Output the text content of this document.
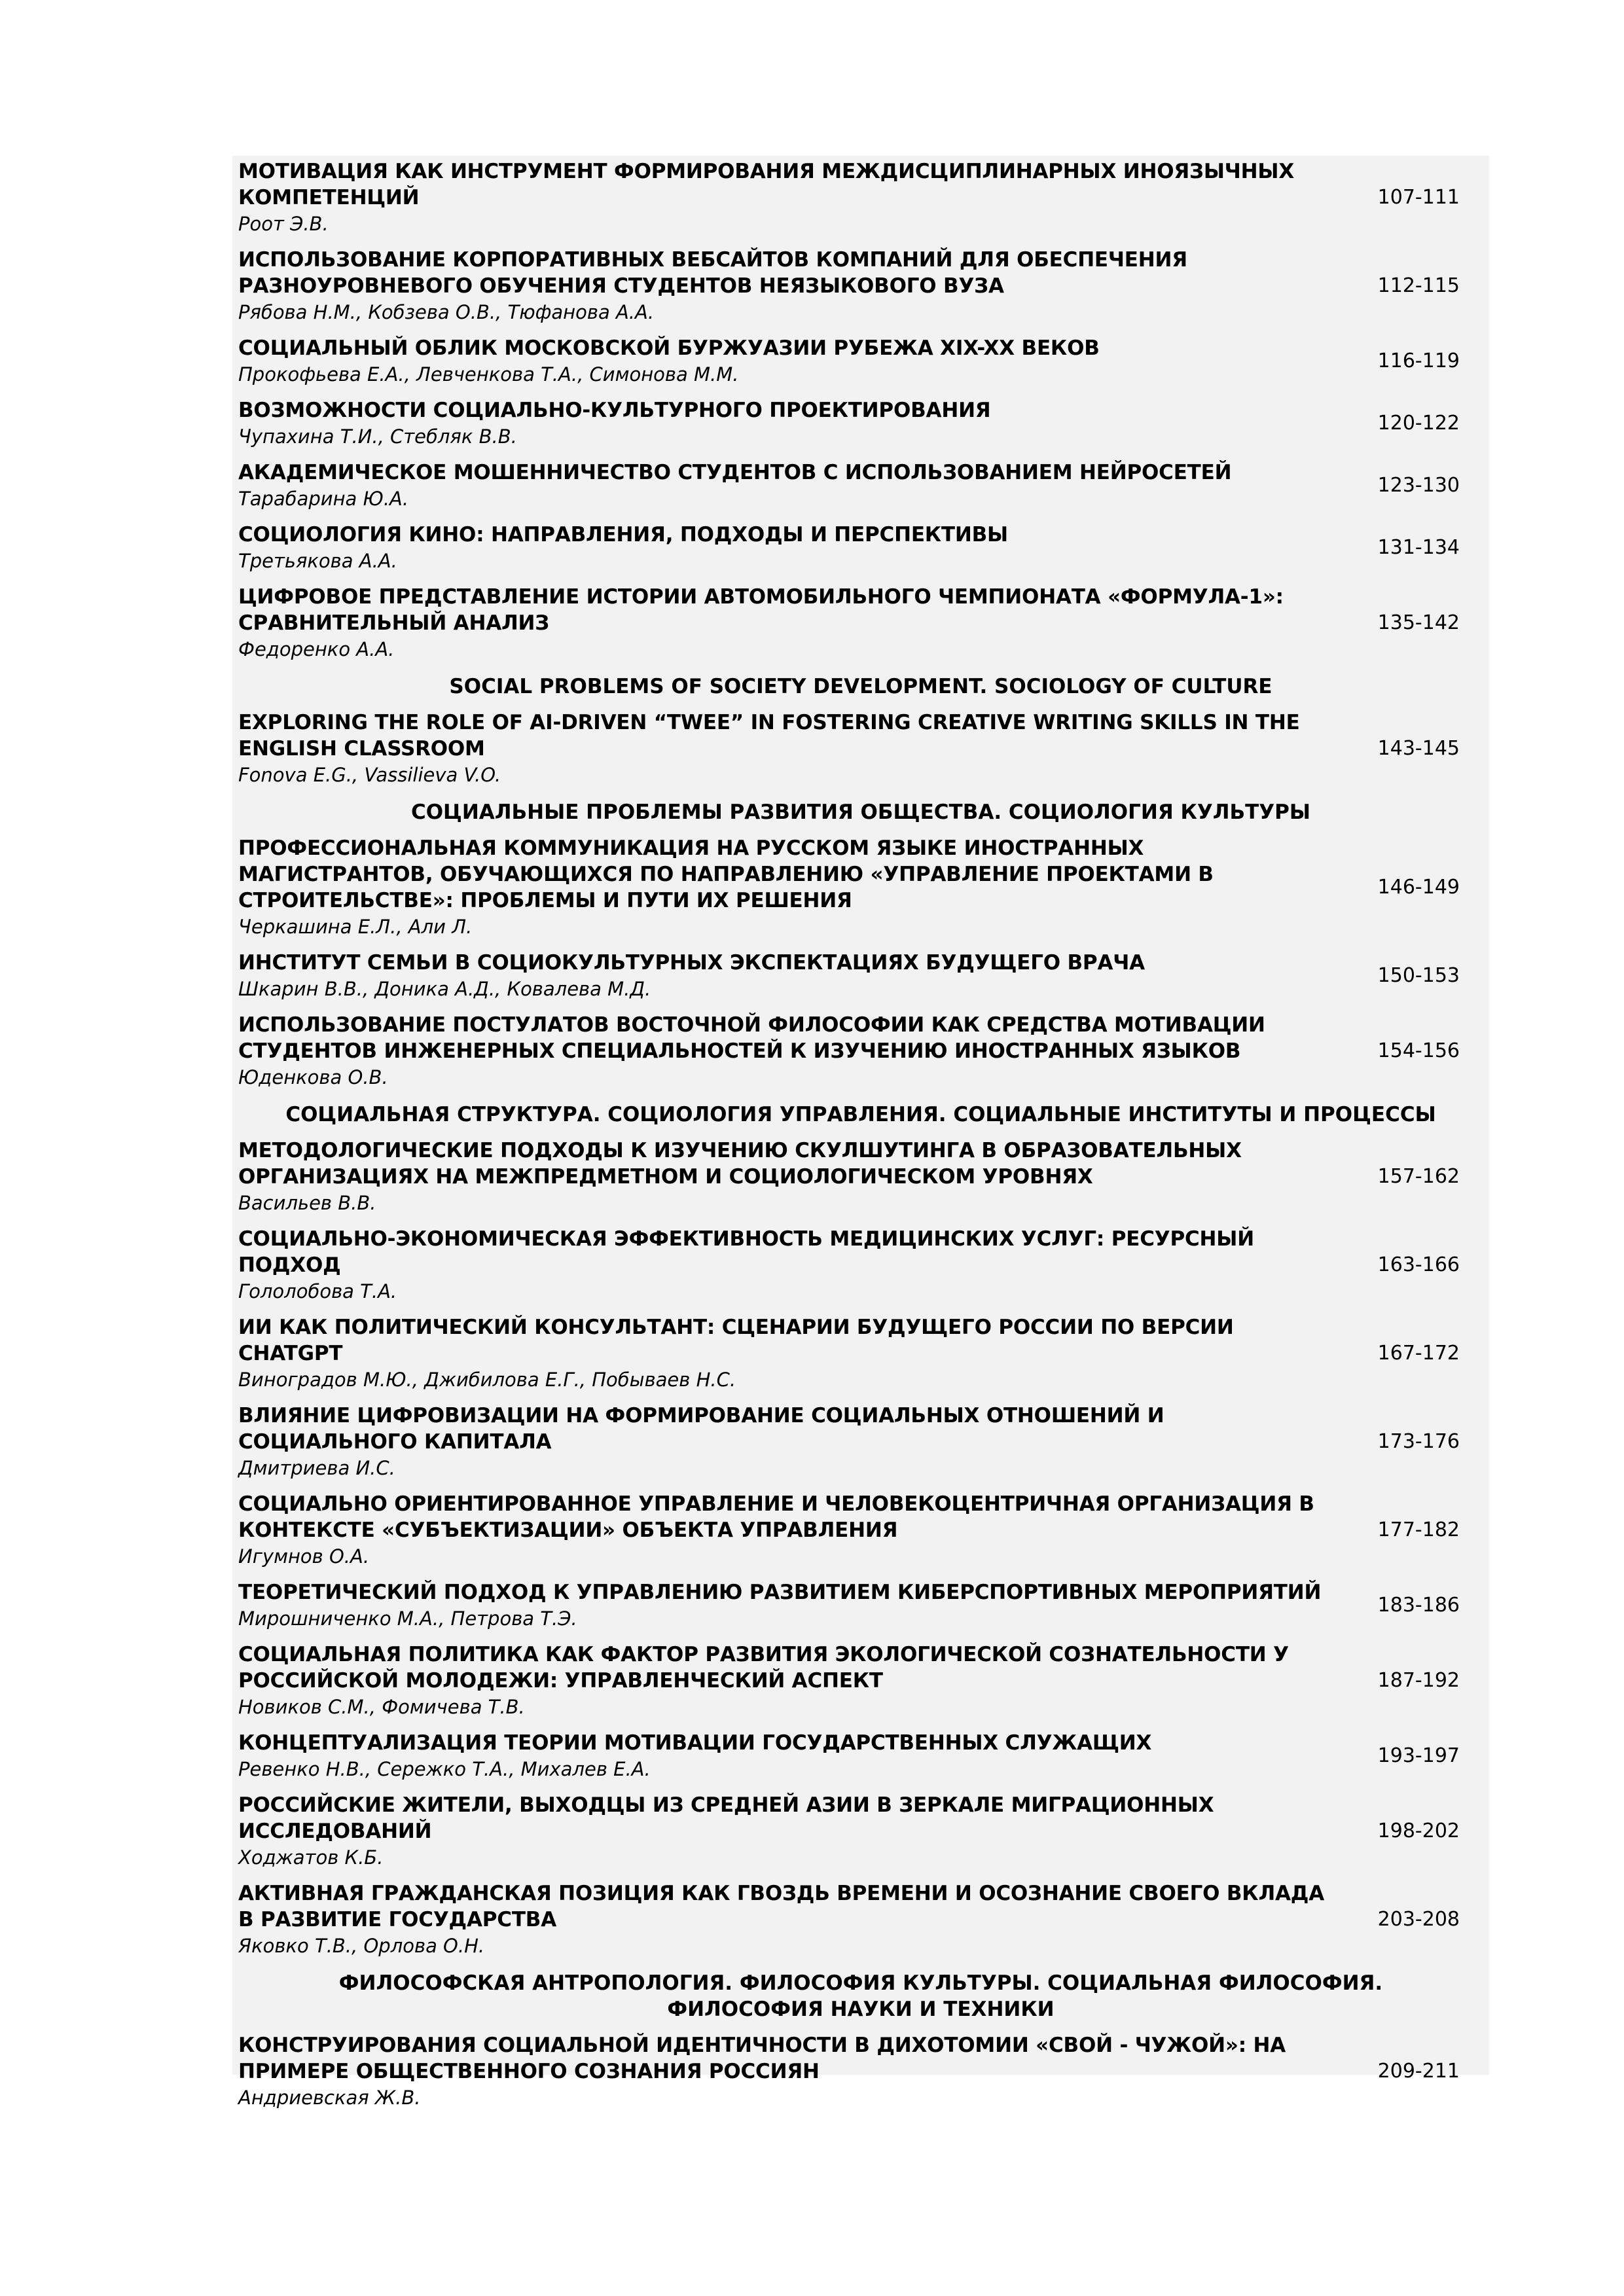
МОТИВАЦИЯ КАК ИНСТРУМЕНТ ФОРМИРОВАНИЯ МЕЖДИСЦИПЛИНАРНЫХ ИНОЯЗЫЧНЫХ КОМПЕТЕНЦИЙ
Роот Э.В.
107-111
ИСПОЛЬЗОВАНИЕ КОРПОРАТИВНЫХ ВЕБСАЙТОВ КОМПАНИЙ ДЛЯ ОБЕСПЕЧЕНИЯ РАЗНОУРОВНЕВОГО ОБУЧЕНИЯ СТУДЕНТОВ НЕЯЗЫКОВОГО ВУЗА
Рябова Н.М., Кобзева О.В., Тюфанова А.А.
112-115
СОЦИАЛЬНЫЙ ОБЛИК МОСКОВСКОЙ БУРЖУАЗИИ РУБЕЖА XIX-XX ВЕКОВ
Прокофьева Е.А., Левченкова Т.А., Симонова М.М.
116-119
ВОЗМОЖНОСТИ СОЦИАЛЬНО-КУЛЬТУРНОГО ПРОЕКТИРОВАНИЯ
Чупахина Т.И., Стебляк В.В.
120-122
АКАДЕМИЧЕСКОЕ МОШЕННИЧЕСТВО СТУДЕНТОВ С ИСПОЛЬЗОВАНИЕМ НЕЙРОСЕТЕЙ
Тарабарина Ю.А.
123-130
СОЦИОЛОГИЯ КИНО: НАПРАВЛЕНИЯ, ПОДХОДЫ И ПЕРСПЕКТИВЫ
Третьякова А.А.
131-134
ЦИФРОВОЕ ПРЕДСТАВЛЕНИЕ ИСТОРИИ АВТОМОБИЛЬНОГО ЧЕМПИОНАТА «ФОРМУЛА-1»: СРАВНИТЕЛЬНЫЙ АНАЛИЗ
Федоренко А.А.
135-142
SOCIAL PROBLEMS OF SOCIETY DEVELOPMENT. SOCIOLOGY OF CULTURE
EXPLORING THE ROLE OF AI-DRIVEN “TWEE” IN FOSTERING CREATIVE WRITING SKILLS IN THE ENGLISH CLASSROOM
Fonova E.G., Vassilieva V.O.
143-145
СОЦИАЛЬНЫЕ ПРОБЛЕМЫ РАЗВИТИЯ ОБЩЕСТВА. СОЦИОЛОГИЯ КУЛЬТУРЫ
ПРОФЕССИОНАЛЬНАЯ КОММУНИКАЦИЯ НА РУССКОМ ЯЗЫКЕ ИНОСТРАННЫХ МАГИСТРАНТОВ, ОБУЧАЮЩИХСЯ ПО НАПРАВЛЕНИЮ «УПРАВЛЕНИЕ ПРОЕКТАМИ В СТРОИТЕЛЬСТВЕ»: ПРОБЛЕМЫ И ПУТИ ИХ РЕШЕНИЯ
Черкашина Е.Л., Али Л.
146-149
ИНСТИТУТ СЕМЬИ В СОЦИОКУЛЬТУРНЫХ ЭКСПЕКТАЦИЯХ БУДУЩЕГО ВРАЧА
Шкарин В.В., Доника А.Д., Ковалева М.Д.
150-153
ИСПОЛЬЗОВАНИЕ ПОСТУЛАТОВ ВОСТОЧНОЙ ФИЛОСОФИИ КАК СРЕДСТВА МОТИВАЦИИ СТУДЕНТОВ ИНЖЕНЕРНЫХ СПЕЦИАЛЬНОСТЕЙ К ИЗУЧЕНИЮ ИНОСТРАННЫХ ЯЗЫКОВ
Юденкова О.В.
154-156
СОЦИАЛЬНАЯ СТРУКТУРА. СОЦИОЛОГИЯ УПРАВЛЕНИЯ. СОЦИАЛЬНЫЕ ИНСТИТУТЫ И ПРОЦЕССЫ
МЕТОДОЛОГИЧЕСКИЕ ПОДХОДЫ К ИЗУЧЕНИЮ СКУЛШУТИНГА В ОБРАЗОВАТЕЛЬНЫХ ОРГАНИЗАЦИЯХ НА МЕЖПРЕДМЕТНОМ И СОЦИОЛОГИЧЕСКОМ УРОВНЯХ
Васильев В.В.
157-162
СОЦИАЛЬНО-ЭКОНОМИЧЕСКАЯ ЭФФЕКТИВНОСТЬ МЕДИЦИНСКИХ УСЛУГ: РЕСУРСНЫЙ ПОДХОД
Гололобова Т.А.
163-166
ИИ КАК ПОЛИТИЧЕСКИЙ КОНСУЛЬТАНТ: СЦЕНАРИИ БУДУЩЕГО РОССИИ ПО ВЕРСИИ CHATGPT
Виноградов М.Ю., Джибилова Е.Г., Побываев Н.С.
167-172
ВЛИЯНИЕ ЦИФРОВИЗАЦИИ НА ФОРМИРОВАНИЕ СОЦИАЛЬНЫХ ОТНОШЕНИЙ И СОЦИАЛЬНОГО КАПИТАЛА
Дмитриева И.С.
173-176
СОЦИАЛЬНО ОРИЕНТИРОВАННОЕ УПРАВЛЕНИЕ И ЧЕЛОВЕКОЦЕНТРИЧНАЯ ОРГАНИЗАЦИЯ В КОНТЕКСТЕ «СУБЪЕКТИЗАЦИИ» ОБЪЕКТА УПРАВЛЕНИЯ
Игумнов О.А.
177-182
ТЕОРЕТИЧЕСКИЙ ПОДХОД К УПРАВЛЕНИЮ РАЗВИТИЕМ КИБЕРСПОРТИВНЫХ МЕРОПРИЯТИЙ
Мирошниченко М.А., Петрова Т.Э.
183-186
СОЦИАЛЬНАЯ ПОЛИТИКА КАК ФАКТОР РАЗВИТИЯ ЭКОЛОГИЧЕСКОЙ СОЗНАТЕЛЬНОСТИ У РОССИЙСКОЙ МОЛОДЕЖИ: УПРАВЛЕНЧЕСКИЙ АСПЕКТ
Новиков С.М., Фомичева Т.В.
187-192
КОНЦЕПТУАЛИЗАЦИЯ ТЕОРИИ МОТИВАЦИИ ГОСУДАРСТВЕННЫХ СЛУЖАЩИХ
Ревенко Н.В., Сережко Т.А., Михалев Е.А.
193-197
РОССИЙСКИЕ ЖИТЕЛИ, ВЫХОДЦЫ ИЗ СРЕДНЕЙ АЗИИ В ЗЕРКАЛЕ МИГРАЦИОННЫХ ИССЛЕДОВАНИЙ
Ходжатов К.Б.
198-202
АКТИВНАЯ ГРАЖДАНСКАЯ ПОЗИЦИЯ КАК ГВОЗДЬ ВРЕМЕНИ И ОСОЗНАНИЕ СВОЕГО ВКЛАДА В РАЗВИТИЕ ГОСУДАРСТВА
Яковко Т.В., Орлова О.Н.
203-208
ФИЛОСОФСКАЯ АНТРОПОЛОГИЯ. ФИЛОСОФИЯ КУЛЬТУРЫ. СОЦИАЛЬНАЯ ФИЛОСОФИЯ. ФИЛОСОФИЯ НАУКИ И ТЕХНИКИ
КОНСТРУИРОВАНИЯ СОЦИАЛЬНОЙ ИДЕНТИЧНОСТИ В ДИХОТОМИИ «СВОЙ - ЧУЖОЙ»: НА ПРИМЕРЕ ОБЩЕСТВЕННОГО СОЗНАНИЯ РОССИЯН
Андриевская Ж.В.
209-211
